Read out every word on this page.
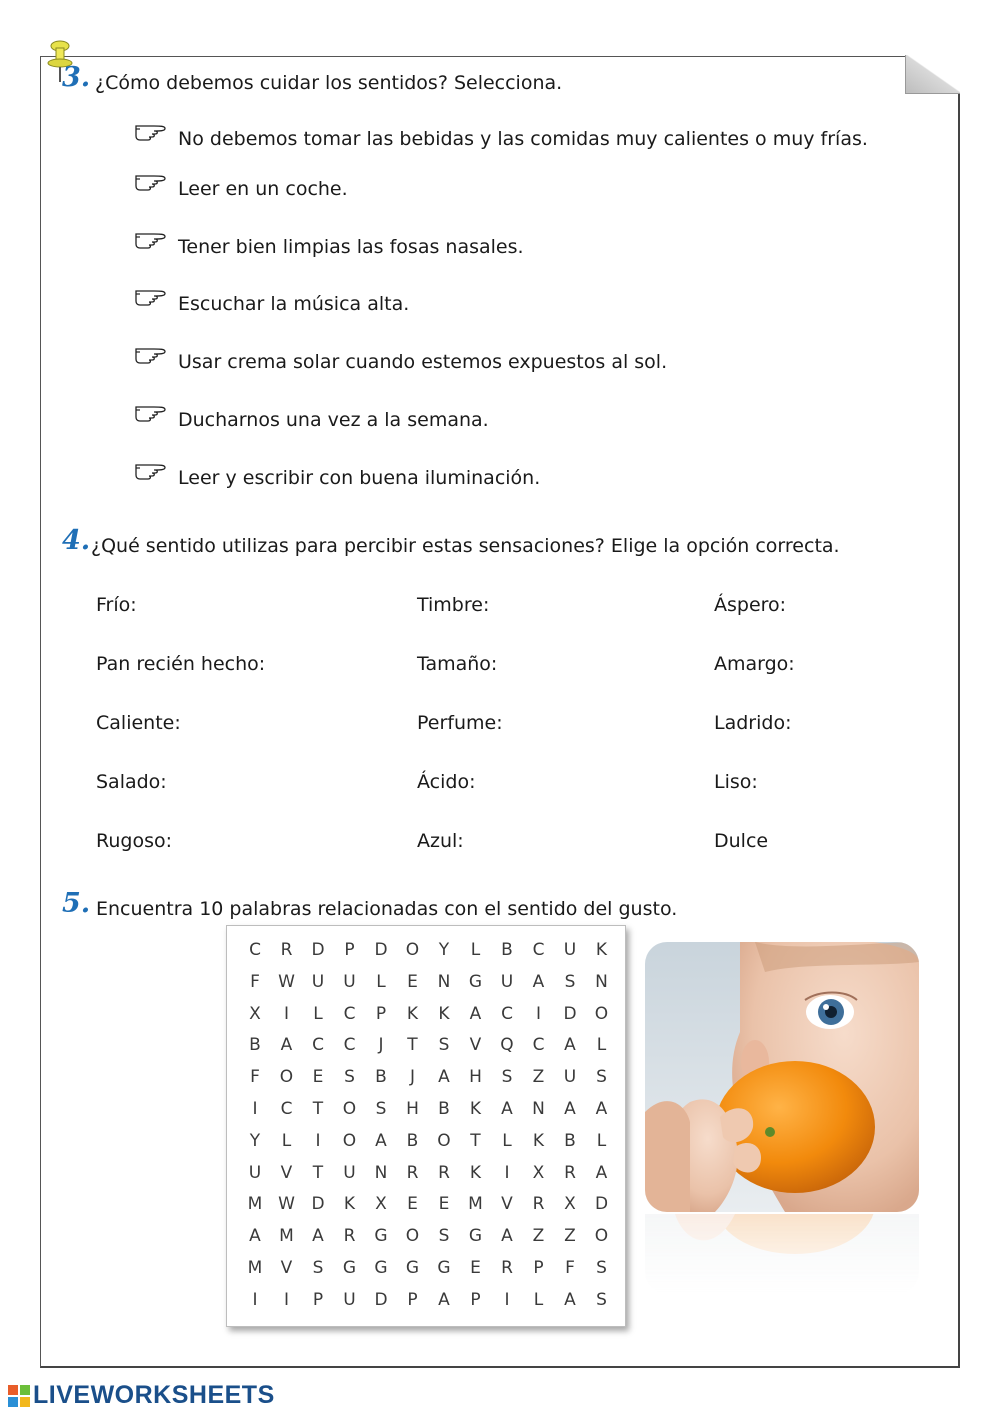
3. ¿Cómo debemos cuidar los sentidos? Selecciona.
No debemos tomar las bebidas y las comidas muy calientes o muy frías.
Leer en un coche.
Tener bien limpias las fosas nasales.
Escuchar la música alta.
Usar crema solar cuando estemos expuestos al sol.
Ducharnos una vez a la semana.
Leer y escribir con buena iluminación.
4. ¿Qué sentido utilizas para percibir estas sensaciones? Elige la opción correcta.
Frío:	Timbre:	Áspero:
Pan recién hecho:	Tamaño:	Amargo:
Caliente:	Perfume:	Ladrido:
Salado:	Ácido:	Liso:
Rugoso:	Azul:	Dulce
5. Encuentra 10 palabras relacionadas con el sentido del gusto.
C	R	D	P	D	O	Y	L	B	C	U	K
F	W U	U	L	E	N	G	U	A	S	N
X	I	L	C	P	K	K	A	C	I	D	O
B	A	C	C	J	T	S	V	Q	C	A	L
F	O	E	S	B	J	A	H	S	Z	U	S
I	C	T	O	S	H	B	K	A	N	A	A
Y	L	I	O	A	B	O	T	L	K	B	L
U	V	T	U	N	R	R	K	I	X	R	A
M W D	K	X	E	E	M	V	R	X	D
A	M	A	R	G	O	S	G	A	Z	Z	O
M	V	S	G	G	G	G	E	R	P	F	S
I	I	P	U	D	P	A	P	I	L	A	S
LIVEWORKSHEETS
